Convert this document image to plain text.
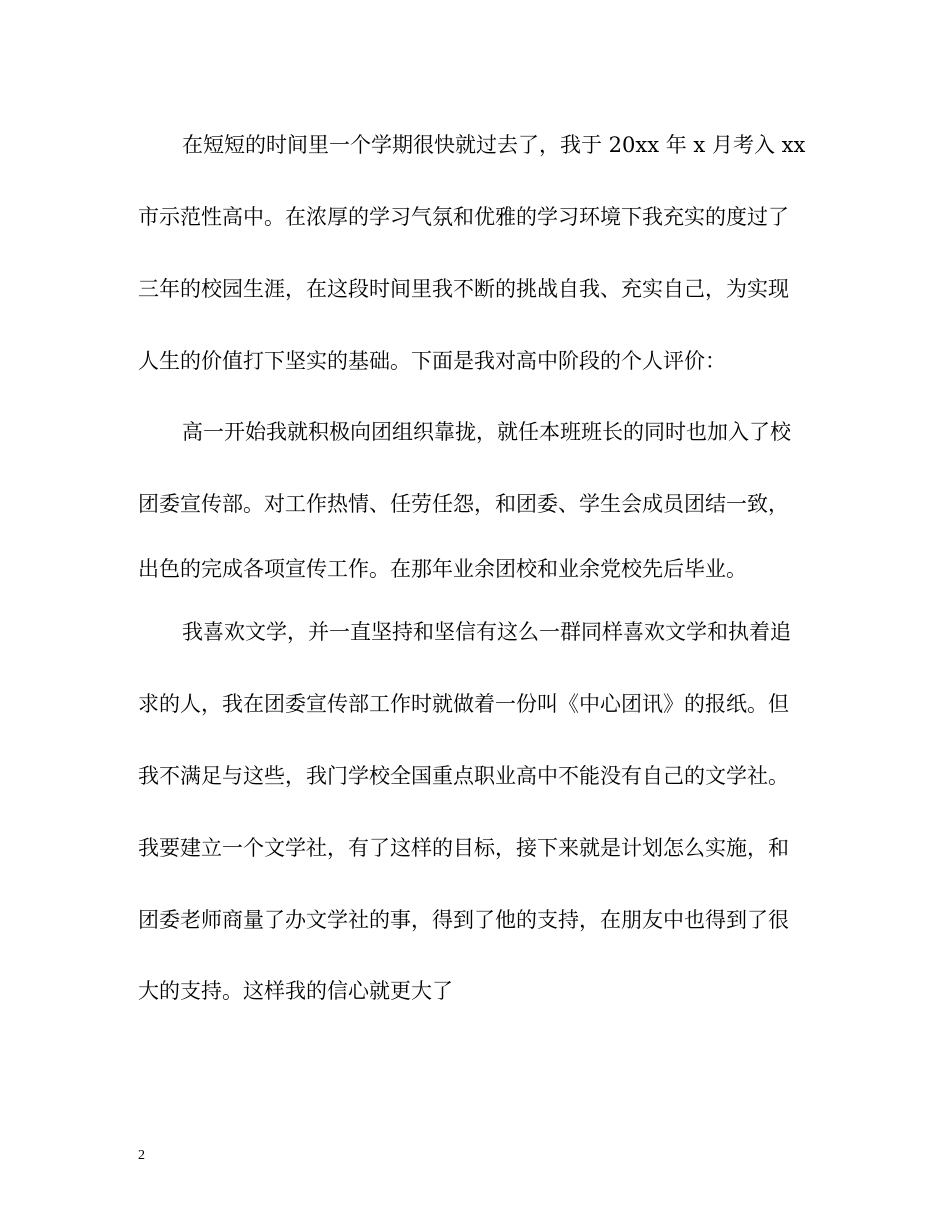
在短短的时间里一个学期很快就过去了，我于 20xx 年 x 月考入 xx
市示范性高中。在浓厚的学习气氛和优雅的学习环境下我充实的度过了
三年的校园生涯，在这段时间里我不断的挑战自我、充实自己，为实现
人生的价值打下坚实的基础。下面是我对高中阶段的个人评价：
高一开始我就积极向团组织靠拢，就任本班班长的同时也加入了校
团委宣传部。对工作热情、任劳任怨，和团委、学生会成员团结一致，
出色的完成各项宣传工作。在那年业余团校和业余党校先后毕业。
我喜欢文学，并一直坚持和坚信有这么一群同样喜欢文学和执着追
求的人，我在团委宣传部工作时就做着一份叫《中心团讯》的报纸。但
我不满足与这些，我门学校全国重点职业高中不能没有自己的文学社。
我要建立一个文学社，有了这样的目标，接下来就是计划怎么实施，和
团委老师商量了办文学社的事，得到了他的支持，在朋友中也得到了很
大的支持。这样我的信心就更大了
2
